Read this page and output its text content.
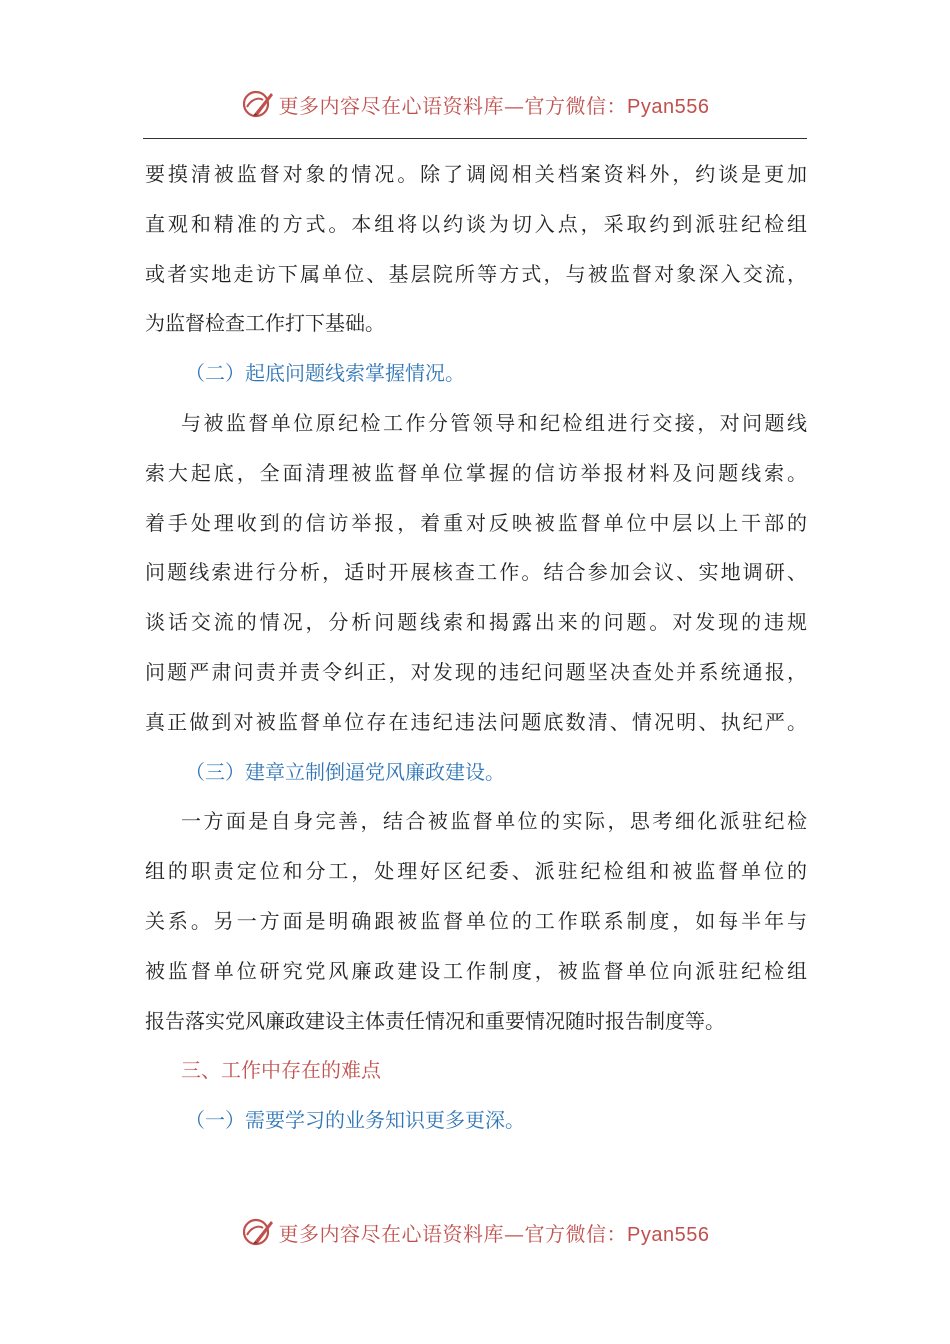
更多内容尽在心语资料库—官方微信：Pyan556
要摸清被监督对象的情况。除了调阅相关档案资料外，约谈是更加
直观和精准的方式。本组将以约谈为切入点，采取约到派驻纪检组
或者实地走访下属单位、基层院所等方式，与被监督对象深入交流，
为监督检查工作打下基础。
（二）起底问题线索掌握情况。
与被监督单位原纪检工作分管领导和纪检组进行交接，对问题线
索大起底，全面清理被监督单位掌握的信访举报材料及问题线索。
着手处理收到的信访举报，着重对反映被监督单位中层以上干部的
问题线索进行分析，适时开展核查工作。结合参加会议、实地调研、
谈话交流的情况，分析问题线索和揭露出来的问题。对发现的违规
问题严肃问责并责令纠正，对发现的违纪问题坚决查处并系统通报，
真正做到对被监督单位存在违纪违法问题底数清、情况明、执纪严。
（三）建章立制倒逼党风廉政建设。
一方面是自身完善，结合被监督单位的实际，思考细化派驻纪检
组的职责定位和分工，处理好区纪委、派驻纪检组和被监督单位的
关系。另一方面是明确跟被监督单位的工作联系制度，如每半年与
被监督单位研究党风廉政建设工作制度，被监督单位向派驻纪检组
报告落实党风廉政建设主体责任情况和重要情况随时报告制度等。
三、工作中存在的难点
（一）需要学习的业务知识更多更深。
更多内容尽在心语资料库—官方微信：Pyan556
